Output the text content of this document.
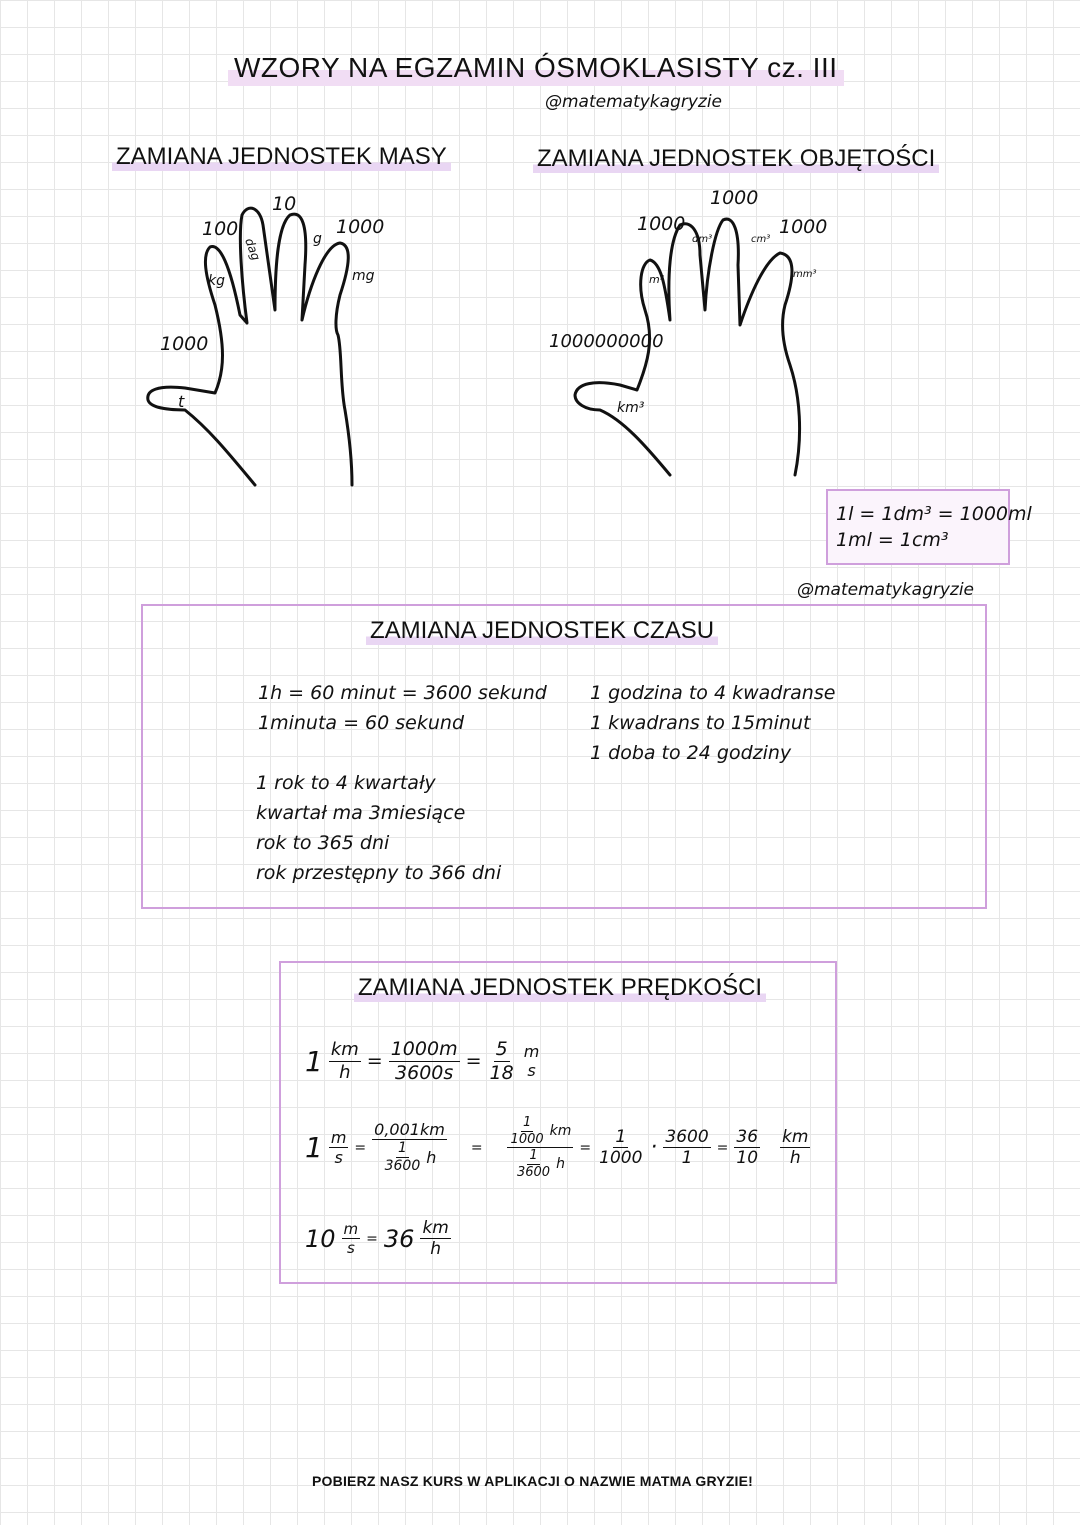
WZORY NA EGZAMIN ÓSMOKLASISTY cz. III
@matematykagryzie
ZAMIANA JEDNOSTEK MASY
t
kg
dag	g
mg
1000
100
10
1000
ZAMIANA JEDNOSTEK OBJĘTOŚCI
km³
m³
dm³	cm³
mm³
1000000000
1000
1000
1000
1l = 1dm³ = 1000ml
1ml = 1cm³
@matematykagryzie
ZAMIANA JEDNOSTEK CZASU
1h = 60 minut = 3600 sekund
1minuta = 60 sekund
1 godzina to 4 kwadranse
1 kwadrans to 15minut
1 doba to 24 godziny
1 rok to 4 kwartały
kwartał ma 3miesiące
rok to 365 dni
rok przestępny to 366 dni
ZAMIANA JEDNOSTEK PRĘDKOŚCI
$1 \frac{km}{h} = \frac{1000m}{3600s} = \frac{5}{18}$ m
s
$1 \frac{m}{s} = \frac{0,001km}{\frac{1}{3600} h} = \frac{\frac{1}{1000} km}{\frac{1}{3600} h} = \frac{1}{1000} \cdot \frac{3600}{1} = \frac{36}{10} \frac{km}{h}$
$10 \frac{m}{s} = 36 \frac{km}{h}$
POBIERZ NASZ KURS W APLIKACJI O NAZWIE MATMA GRYZIE!
